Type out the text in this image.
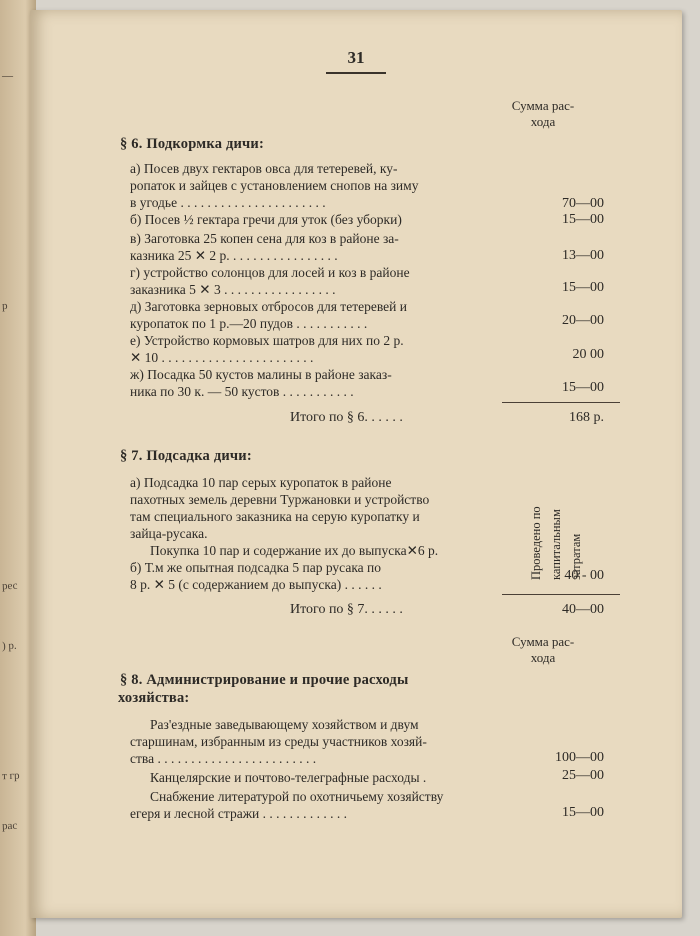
—
р
рес
) р.
т гр
рас
31
Сумма рас-
хода
§ 6. Подкормка дичи:
а) Посев двух гектаров овса для тетеревей, ку-
ропаток и зайцев с установлением снопов на зиму
в угодье . . . . . . . . . . . . . . . . . . . . . .	70—00
б) Посев ½ гектара гречи для уток (без уборки)	15—00
в) Заготовка 25 копен сена для коз в районе за-
казника 25 ✕ 2 р. . . . . . . . . . . . . . . . .	13—00
г) устройство солонцов для лосей и коз в районе
заказника 5 ✕ 3 . . . . . . . . . . . . . . . . .	15—00
д) Заготовка зерновых отбросов для тетеревей и
куропаток по 1 р.—20 пудов . . . . . . . . . . .	20—00
е) Устройство кормовых шатров для них по 2 р.
✕ 10 . . . . . . . . . . . . . . . . . . . . . . .	20 00
ж) Посадка 50 кустов малины в районе заказ-
ника по 30 к. — 50 кустов . . . . . . . . . . .	15—00
Итого по § 6. . . . . .	168 р.
§ 7. Подсадка дичи:
а) Подсадка 10 пар серых куропаток в районе
пахотных земель деревни Туржановки и устройство
там специального заказника на серую куропатку и
зайца-русака.
Покупка 10 пар и содержание их до выпуска✕6 р.
б) Т.м же опытная подсадка 5 пар русака по
8 р. ✕ 5 (с содержанием до выпуска) . . . . . .
Проведено по капитальным затратам
40 - 00
Итого по § 7. . . . . .	40—00
Сумма рас-
хода
§ 8. Администрирование и прочие расходы
хозяйства:
Раз'ездные заведывающему хозяйством и двум
старшинам, избранным из среды участников хозяй-
ства . . . . . . . . . . . . . . . . . . . . . . . .	100—00
Канцелярские и почтово-телеграфные расходы .	25—00
Снабжение литературой по охотничьему хозяйству
егеря и лесной стражи . . . . . . . . . . . . .	15—00
